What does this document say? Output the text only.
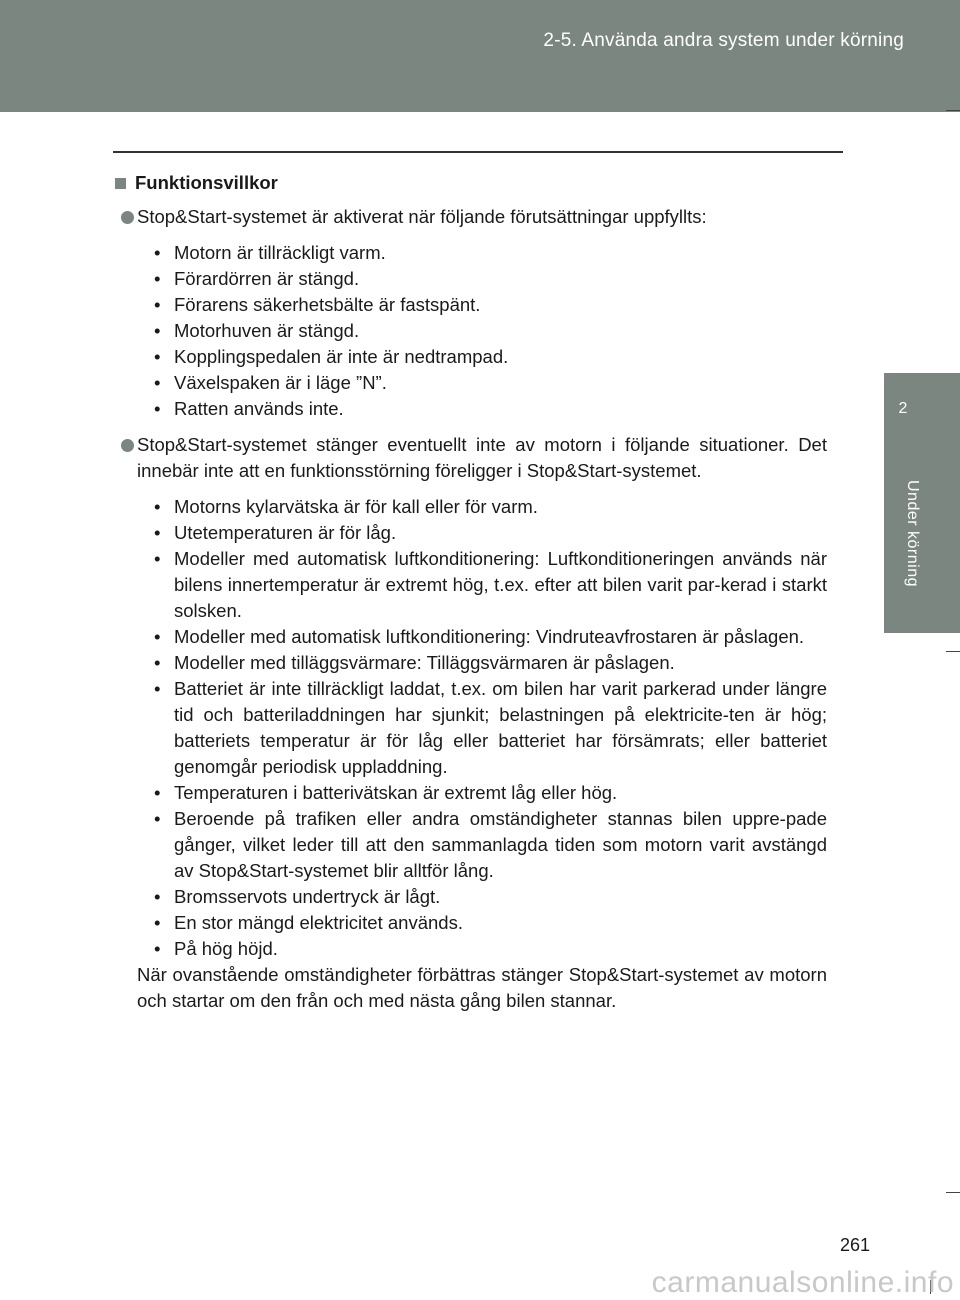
2-5. Använda andra system under körning
2
Under körning
Funktionsvillkor
Stop&Start-systemet är aktiverat när följande förutsättningar uppfyllts:
• Motorn är tillräckligt varm.
• Förardörren är stängd.
• Förarens säkerhetsbälte är fastspänt.
• Motorhuven är stängd.
• Kopplingspedalen är inte är nedtrampad.
• Växelspaken är i läge ”N”.
• Ratten används inte.
Stop&Start-systemet stänger eventuellt inte av motorn i följande situationer. Det innebär inte att en funktionsstörning föreligger i Stop&Start-systemet.
• Motorns kylarvätska är för kall eller för varm.
• Utetemperaturen är för låg.
• Modeller med automatisk luftkonditionering: Luftkonditioneringen används när bilens innertemperatur är extremt hög, t.ex. efter att bilen varit par-kerad i starkt solsken.
• Modeller med automatisk luftkonditionering: Vindruteavfrostaren är påslagen.
• Modeller med tilläggsvärmare: Tilläggsvärmaren är påslagen.
• Batteriet är inte tillräckligt laddat, t.ex. om bilen har varit parkerad under längre tid och batteriladdningen har sjunkit; belastningen på elektricite-ten är hög; batteriets temperatur är för låg eller batteriet har försämrats; eller batteriet genomgår periodisk uppladdning.
• Temperaturen i batterivätskan är extremt låg eller hög.
• Beroende på trafiken eller andra omständigheter stannas bilen uppre-pade gånger, vilket leder till att den sammanlagda tiden som motorn varit avstängd av Stop&Start-systemet blir alltför lång.
• Bromsservots undertryck är lågt.
• En stor mängd elektricitet används.
• På hög höjd.

När ovanstående omständigheter förbättras stänger Stop&Start-systemet av motorn och startar om den från och med nästa gång bilen stannar.

261
carmanualsonline.info
